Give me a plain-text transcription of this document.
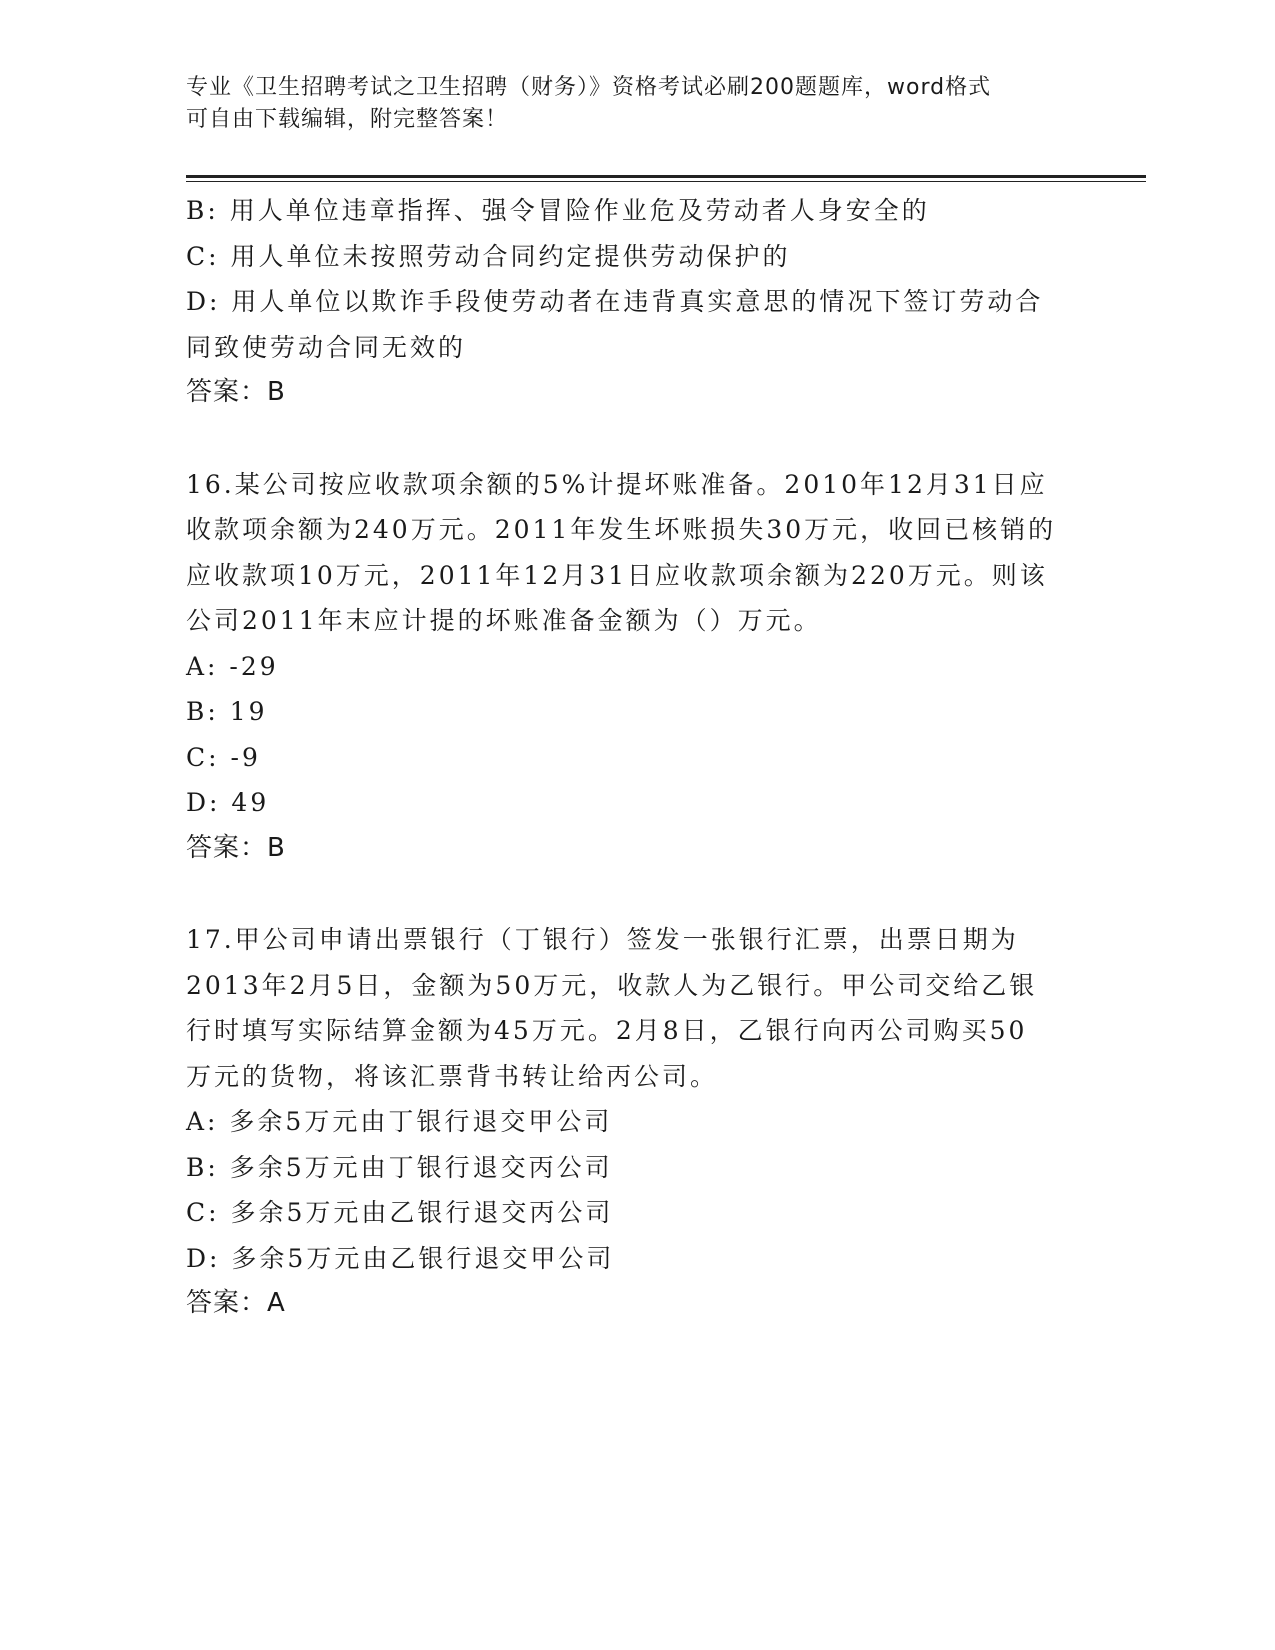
专业《卫生招聘考试之卫生招聘（财务）》资格考试必刷200题题库，word格式
可自由下载编辑，附完整答案！

B: 用人单位违章指挥、强令冒险作业危及劳动者人身安全的

C: 用人单位未按照劳动合同约定提供劳动保护的

D: 用人单位以欺诈手段使劳动者在违背真实意思的情况下签订劳动合

同致使劳动合同无效的

答案：B

16.某公司按应收款项余额的5%计提坏账准备。2010年12月31日应

收款项余额为240万元。2011年发生坏账损失30万元，收回已核销的

应收款项10万元，2011年12月31日应收款项余额为220万元。则该

公司2011年末应计提的坏账准备金额为（）万元。

A: -29

B: 19

C: -9

D: 49

答案：B

17.甲公司申请出票银行（丁银行）签发一张银行汇票，出票日期为

2013年2月5日，金额为50万元，收款人为乙银行。甲公司交给乙银

行时填写实际结算金额为45万元。2月8日，乙银行向丙公司购买50

万元的货物，将该汇票背书转让给丙公司。

A: 多余5万元由丁银行退交甲公司

B: 多余5万元由丁银行退交丙公司

C: 多余5万元由乙银行退交丙公司

D: 多余5万元由乙银行退交甲公司

答案：A
